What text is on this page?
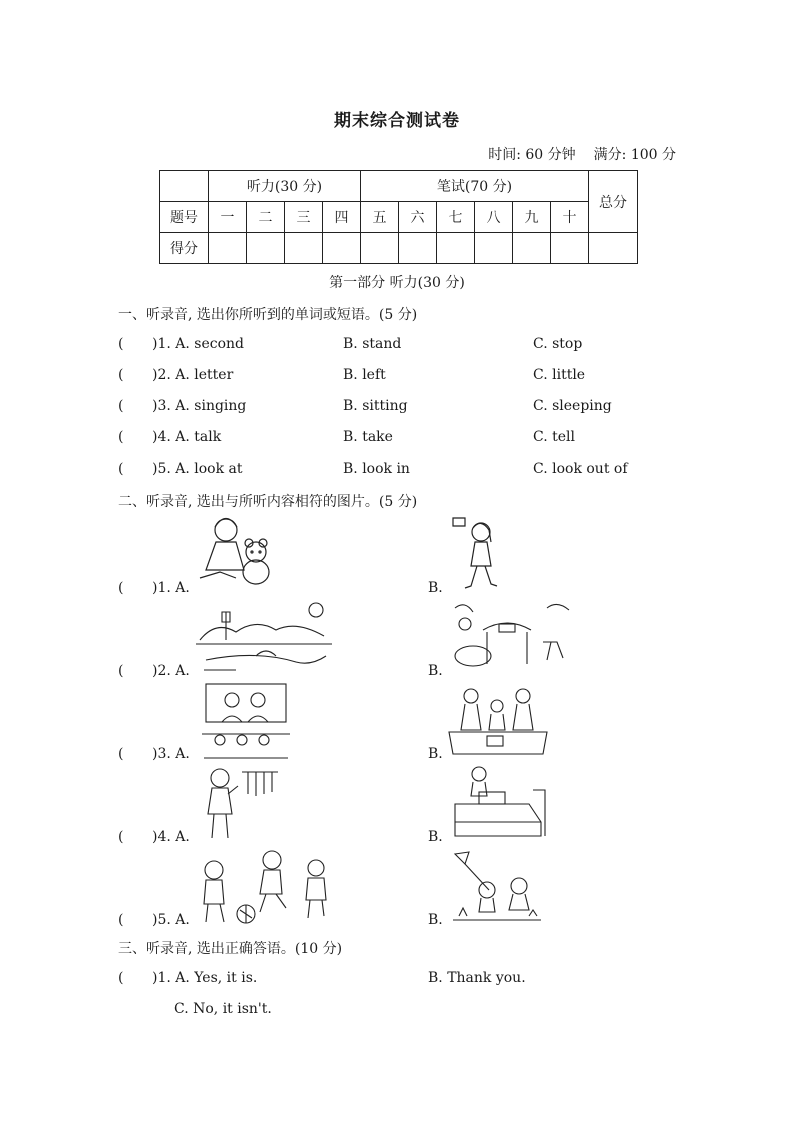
期末综合测试卷
时间: 60 分钟 满分: 100 分
	听力(30 分)				笔试(70 分)						总分
题号	一	二	三	四	五	六	七	八	九	十	
得分											
第一部分 听力(30 分)
一、听录音, 选出你所听到的单词或短语。(5 分)
( )1. A. second	B. stand	C. stop
( )2. A. letter	B. left	C. little
( )3. A. singing	B. sitting	C. sleeping
( )4. A. talk	B. take	C. tell
( )5. A. look at	B. look in	C. look out of
二、听录音, 选出与所听内容相符的图片。(5 分)
( )1. A.	B.
( )2. A.	B.
( )3. A.	B.
( )4. A.	B.
( )5. A.	B.
三、听录音, 选出正确答语。(10 分)
( )1. A. Yes, it is.	B. Thank you.
C. No, it isn't.
